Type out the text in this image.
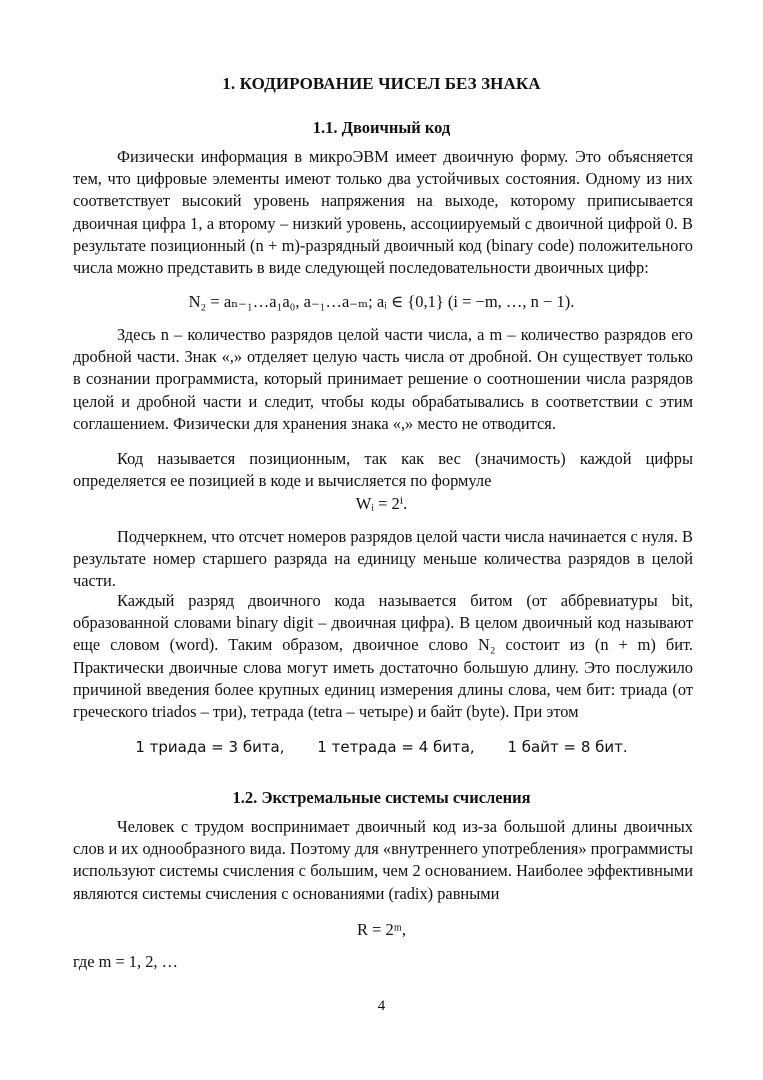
1. КОДИРОВАНИЕ ЧИСЕЛ БЕЗ ЗНАКА
1.1. Двоичный код

Физически информация в микроЭВМ имеет двоичную форму. Это объясняется тем, что цифровые элементы имеют только два устойчивых состояния. Одному из них соответствует высокий уровень напряжения на выходе, которому приписывается двоичная цифра 1, а второму – низкий уровень, ассоциируемый с двоичной цифрой 0. В результате позиционный (n + m)-разрядный двоичный код (binary code) положительного числа можно представить в виде следующей последовательности двоичных цифр:

N₂ = aₙ₋₁…a₁a₀, a₋₁…a₋ₘ; aᵢ ∈ {0,1} (i = −m, …, n − 1).

Здесь n – количество разрядов целой части числа, а m – количество разрядов его дробной части. Знак «,» отделяет целую часть числа от дробной. Он существует только в сознании программиста, который принимает решение о соотношении числа разрядов целой и дробной части и следит, чтобы коды обрабатывались в соответствии с этим соглашением. Физически для хранения знака «,» место не отводится.

Код называется позиционным, так как вес (значимость) каждой цифры определяется ее позицией в коде и вычисляется по формуле

Wᵢ = 2ⁱ.

Подчеркнем, что отсчет номеров разрядов целой части числа начинается с нуля. В результате номер старшего разряда на единицу меньше количества разрядов в целой части.

Каждый разряд двоичного кода называется битом (от аббревиатуры bit, образованной словами binary digit – двоичная цифра). В целом двоичный код называют еще словом (word). Таким образом, двоичное слово N₂ состоит из (n + m) бит. Практически двоичные слова могут иметь достаточно большую длину. Это послужило причиной введения более крупных единиц измерения длины слова, чем бит: триада (от греческого triados – три), тетрада (tetra – четыре) и байт (byte). При этом

1 триада = 3 бита, 1 тетрада = 4 бита, 1 байт = 8 бит.
1.2. Экстремальные системы счисления

Человек с трудом воспринимает двоичный код из-за большой длины двоичных слов и их однообразного вида. Поэтому для «внутреннего употребления» программисты используют системы счисления с большим, чем 2 основанием. Наиболее эффективными являются системы счисления с основаниями (radix) равными

R = 2ᵐ,

где m = 1, 2, …

4
